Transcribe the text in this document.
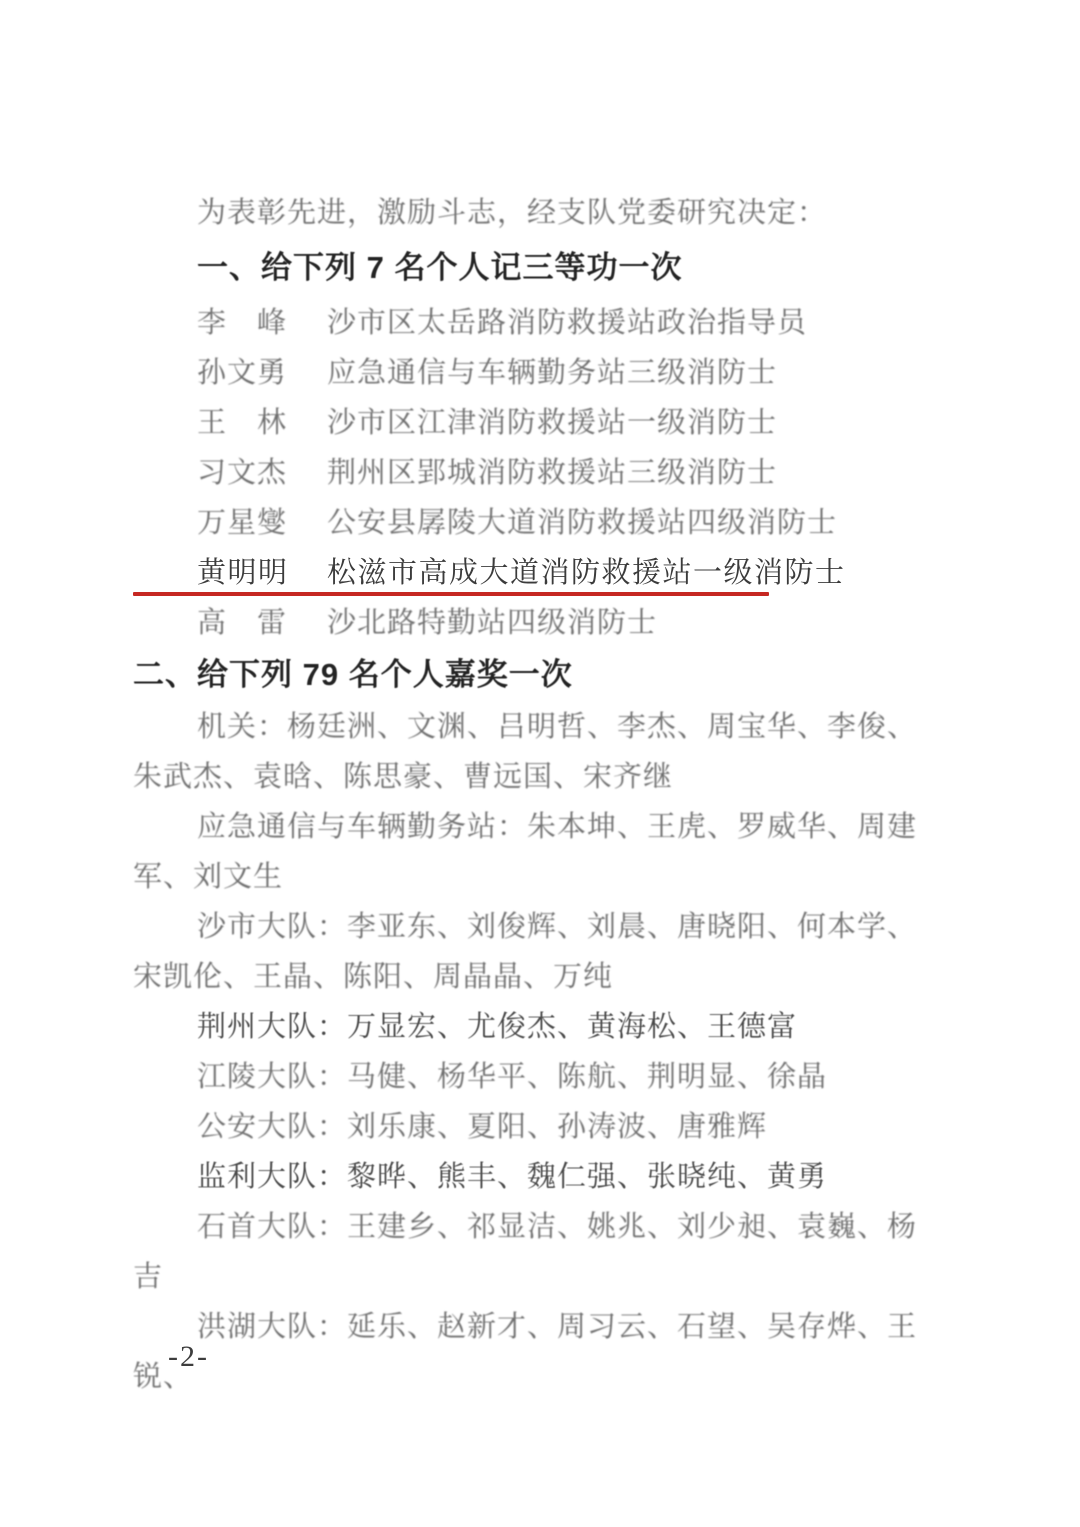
为表彰先进，激励斗志，经支队党委研究决定：
一、给下列 7 名个人记三等功一次
李　峰 沙市区太岳路消防救援站政治指导员
孙文勇 应急通信与车辆勤务站三级消防士
王　林 沙市区江津消防救援站一级消防士
习文杰 荆州区郢城消防救援站三级消防士
万星燮 公安县孱陵大道消防救援站四级消防士
黄明明 松滋市高成大道消防救援站一级消防士
高　雷 沙北路特勤站四级消防士
二、给下列 79 名个人嘉奖一次

机关：杨廷洲、文渊、吕明哲、李杰、周宝华、李俊、朱武杰、袁晗、陈思豪、曹远国、宋齐继

应急通信与车辆勤务站：朱本坤、王虎、罗威华、周建军、刘文生

沙市大队：李亚东、刘俊辉、刘晨、唐晓阳、何本学、宋凯伦、王晶、陈阳、周晶晶、万纯

荆州大队：万显宏、尤俊杰、黄海松、王德富

江陵大队：马健、杨华平、陈航、荆明显、徐晶

公安大队：刘乐康、夏阳、孙涛波、唐雅辉

监利大队：黎晔、熊丰、魏仁强、张晓纯、黄勇

石首大队：王建乡、祁显洁、姚兆、刘少昶、袁巍、杨吉

洪湖大队：延乐、赵新才、周习云、石望、吴存烨、王锐、

-2-
